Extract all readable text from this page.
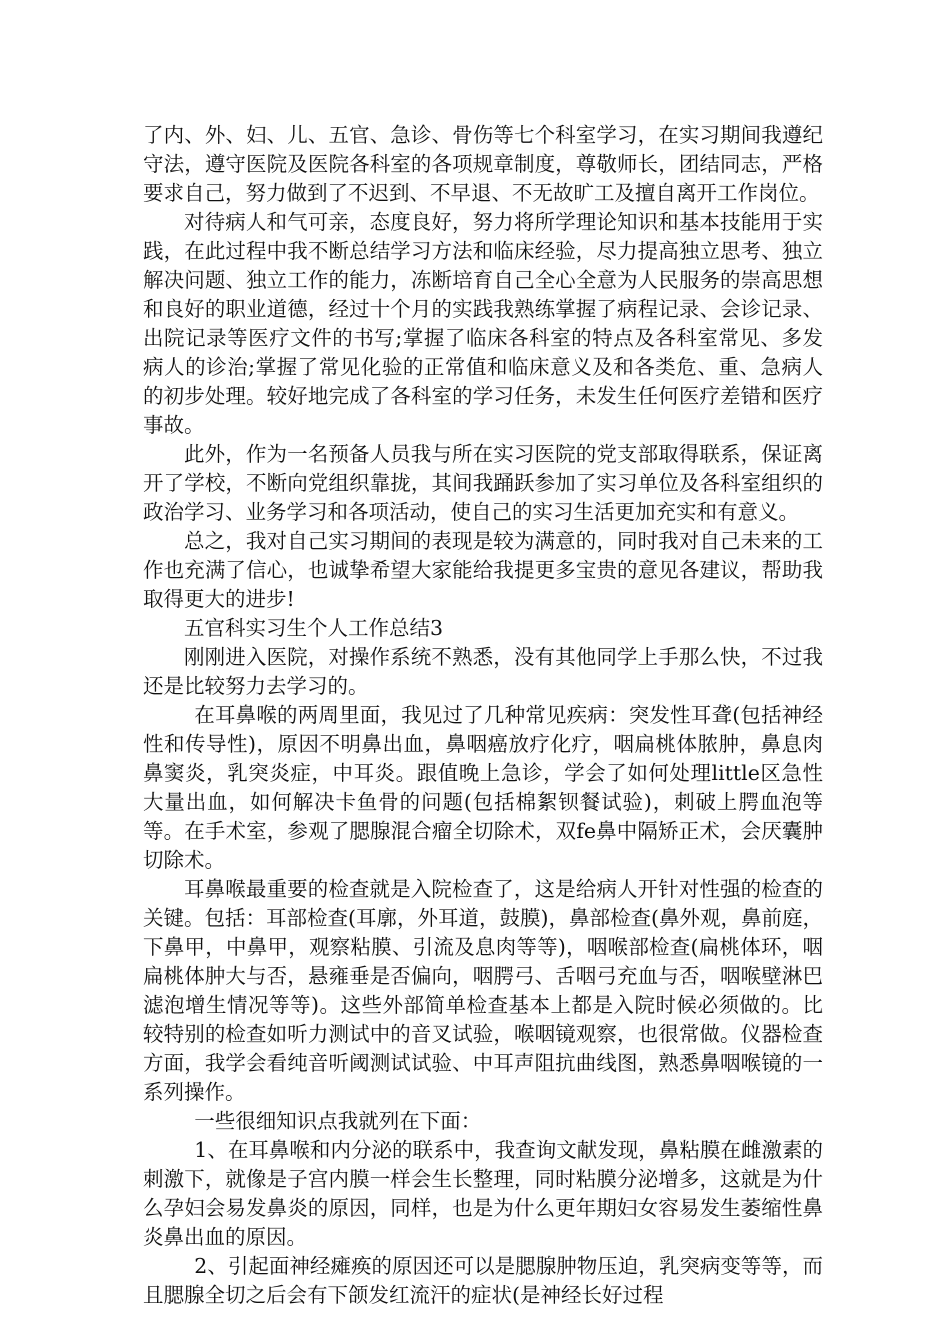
了内、外、妇、儿、五官、急诊、骨伤等七个科室学习，在实习期间我遵纪守法，遵守医院及医院各科室的各项规章制度，尊敬师长，团结同志，严格要求自己，努力做到了不迟到、不早退、不无故旷工及擅自离开工作岗位。

对待病人和气可亲，态度良好，努力将所学理论知识和基本技能用于实践，在此过程中我不断总结学习方法和临床经验，尽力提高独立思考、独立解决问题、独立工作的能力，冻断培育自己全心全意为人民服务的崇高思想和良好的职业道德，经过十个月的实践我熟练掌握了病程记录、会诊记录、出院记录等医疗文件的书写;掌握了临床各科室的特点及各科室常见、多发病人的诊治;掌握了常见化验的正常值和临床意义及和各类危、重、急病人的初步处理。较好地完成了各科室的学习任务，未发生任何医疗差错和医疗事故。

此外，作为一名预备人员我与所在实习医院的党支部取得联系，保证离开了学校，不断向党组织靠拢，其间我踊跃参加了实习单位及各科室组织的政治学习、业务学习和各项活动，使自己的实习生活更加充实和有意义。

总之，我对自己实习期间的表现是较为满意的，同时我对自己未来的工作也充满了信心，也诚挚希望大家能给我提更多宝贵的意见各建议，帮助我取得更大的进步!

五官科实习生个人工作总结3

刚刚进入医院，对操作系统不熟悉，没有其他同学上手那么快，不过我还是比较努力去学习的。

在耳鼻喉的两周里面，我见过了几种常见疾病：突发性耳聋(包括神经性和传导性)，原因不明鼻出血，鼻咽癌放疗化疗，咽扁桃体脓肿，鼻息肉鼻窦炎，乳突炎症，中耳炎。跟值晚上急诊，学会了如何处理little区急性大量出血，如何解决卡鱼骨的问题(包括棉絮钡餐试验)，刺破上腭血泡等等。在手术室，参观了腮腺混合瘤全切除术，双fe鼻中隔矫正术，会厌囊肿切除术。

耳鼻喉最重要的检查就是入院检查了，这是给病人开针对性强的检查的关键。包括：耳部检查(耳廓，外耳道，鼓膜)，鼻部检查(鼻外观，鼻前庭，下鼻甲，中鼻甲，观察粘膜、引流及息肉等等)，咽喉部检查(扁桃体环，咽扁桃体肿大与否，悬雍垂是否偏向，咽腭弓、舌咽弓充血与否，咽喉壁淋巴滤泡增生情况等等)。这些外部简单检查基本上都是入院时候必须做的。比较特别的检查如听力测试中的音叉试验，喉咽镜观察，也很常做。仪器检查方面，我学会看纯音听阈测试试验、中耳声阻抗曲线图，熟悉鼻咽喉镜的一系列操作。

一些很细知识点我就列在下面：

1、在耳鼻喉和内分泌的联系中，我查询文献发现，鼻粘膜在雌激素的刺激下，就像是子宫内膜一样会生长整理，同时粘膜分泌增多，这就是为什么孕妇会易发鼻炎的原因，同样，也是为什么更年期妇女容易发生萎缩性鼻炎鼻出血的原因。

2、引起面神经瘫痪的原因还可以是腮腺肿物压迫，乳突病变等等，而且腮腺全切之后会有下颌发红流汗的症状(是神经长好过程
